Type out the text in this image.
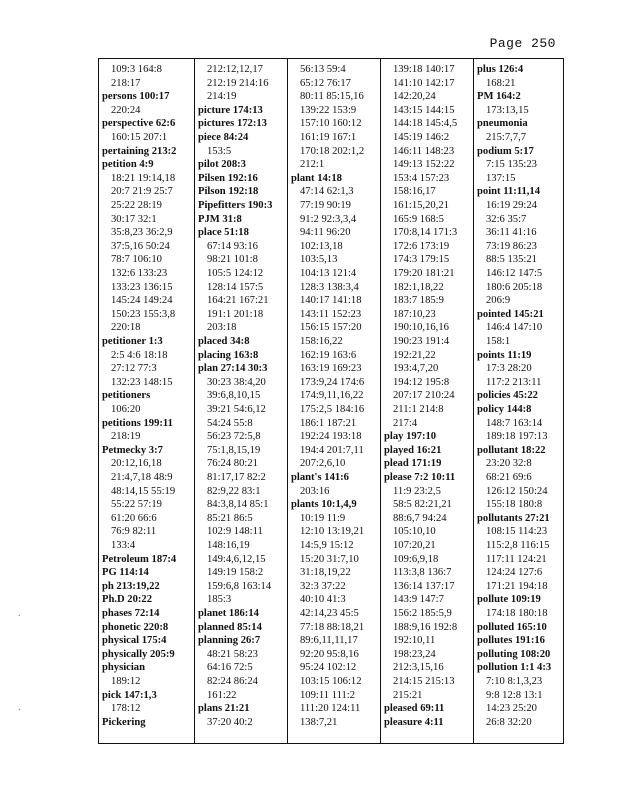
Page 250
.
.
109:3 164:8
218:17
persons 100:17
220:24
perspective 62:6
160:15 207:1
pertaining 213:2
petition 4:9
18:21 19:14,18
20:7 21:9 25:7
25:22 28:19
30:17 32:1
35:8,23 36:2,9
37:5,16 50:24
78:7 106:10
132:6 133:23
133:23 136:15
145:24 149:24
150:23 155:3,8
220:18
petitioner 1:3
2:5 4:6 18:18
27:12 77:3
132:23 148:15
petitioners
106:20
petitions 199:11
218:19
Petmecky 3:7
20:12,16,18
21:4,7,18 48:9
48:14,15 55:19
55:22 57:19
61:20 66:6
76:9 82:11
133:4
Petroleum 187:4
PG 114:14
ph 213:19,22
Ph.D 20:22
phases 72:14
phonetic 220:8
physical 175:4
physically 205:9
physician
189:12
pick 147:1,3
178:12
Pickering
212:12,12,17
212:19 214:16
214:19
picture 174:13
pictures 172:13
piece 84:24
153:5
pilot 208:3
Pilsen 192:16
Pilson 192:18
Pipefitters 190:3
PJM 31:8
place 51:18
67:14 93:16
98:21 101:8
105:5 124:12
128:14 157:5
164:21 167:21
191:1 201:18
203:18
placed 34:8
placing 163:8
plan 27:14 30:3
30:23 38:4,20
39:6,8,10,15
39:21 54:6,12
54:24 55:8
56:23 72:5,8
75:1,8,15,19
76:24 80:21
81:17,17 82:2
82:9,22 83:1
84:3,8,14 85:1
85:21 86:5
102:9 148:11
148:16,19
149:4,6,12,15
149:19 158:2
159:6,8 163:14
185:3
planet 186:14
planned 85:14
planning 26:7
48:21 58:23
64:16 72:5
82:24 86:24
161:22
plans 21:21
37:20 40:2
56:13 59:4
65:12 76:17
80:11 85:15,16
139:22 153:9
157:10 160:12
161:19 167:1
170:18 202:1,2
212:1
plant 14:18
47:14 62:1,3
77:19 90:19
91:2 92:3,3,4
94:11 96:20
102:13,18
103:5,13
104:13 121:4
128:3 138:3,4
140:17 141:18
143:11 152:23
156:15 157:20
158:16,22
162:19 163:6
163:19 169:23
173:9,24 174:6
174:9,11,16,22
175:2,5 184:16
186:1 187:21
192:24 193:18
194:4 201:7,11
207:2,6,10
plant's 141:6
203:16
plants 10:1,4,9
10:19 11:9
12:10 13:19,21
14:5,9 15:12
15:20 31:7,10
31:18,19,22
32:3 37:22
40:10 41:3
42:14,23 45:5
77:18 88:18,21
89:6,11,11,17
92:20 95:8,16
95:24 102:12
103:15 106:12
109:11 111:2
111:20 124:11
138:7,21
139:18 140:17
141:10 142:17
142:20,24
143:15 144:15
144:18 145:4,5
145:19 146:2
146:11 148:23
149:13 152:22
153:4 157:23
158:16,17
161:15,20,21
165:9 168:5
170:8,14 171:3
172:6 173:19
174:3 179:15
179:20 181:21
182:1,18,22
183:7 185:9
187:10,23
190:10,16,16
190:23 191:4
192:21,22
193:4,7,20
194:12 195:8
207:17 210:24
211:1 214:8
217:4
play 197:10
played 16:21
plead 171:19
please 7:2 10:11
11:9 23:2,5
58:5 82:21,21
88:6,7 94:24
105:10,10
107:20,21
109:6,9,18
113:3,8 136:7
136:14 137:17
143:9 147:7
156:2 185:5,9
188:9,16 192:8
192:10,11
198:23,24
212:3,15,16
214:15 215:13
215:21
pleased 69:11
pleasure 4:11
plus 126:4
168:21
PM 164:2
173:13,15
pneumonia
215:7,7,7
podium 5:17
7:15 135:23
137:15
point 11:11,14
16:19 29:24
32:6 35:7
36:11 41:16
73:19 86:23
88:5 135:21
146:12 147:5
180:6 205:18
206:9
pointed 145:21
146:4 147:10
158:1
points 11:19
17:3 28:20
117:2 213:11
policies 45:22
policy 144:8
148:7 163:14
189:18 197:13
pollutant 18:22
23:20 32:8
68:21 69:6
126:12 150:24
155:18 180:8
pollutants 27:21
108:15 114:23
115:2,8 116:15
117:11 124:21
124:24 127:6
171:21 194:18
pollute 109:19
174:18 180:18
polluted 165:10
pollutes 191:16
polluting 108:20
pollution 1:1 4:3
7:10 8:1,3,23
9:8 12:8 13:1
14:23 25:20
26:8 32:20
